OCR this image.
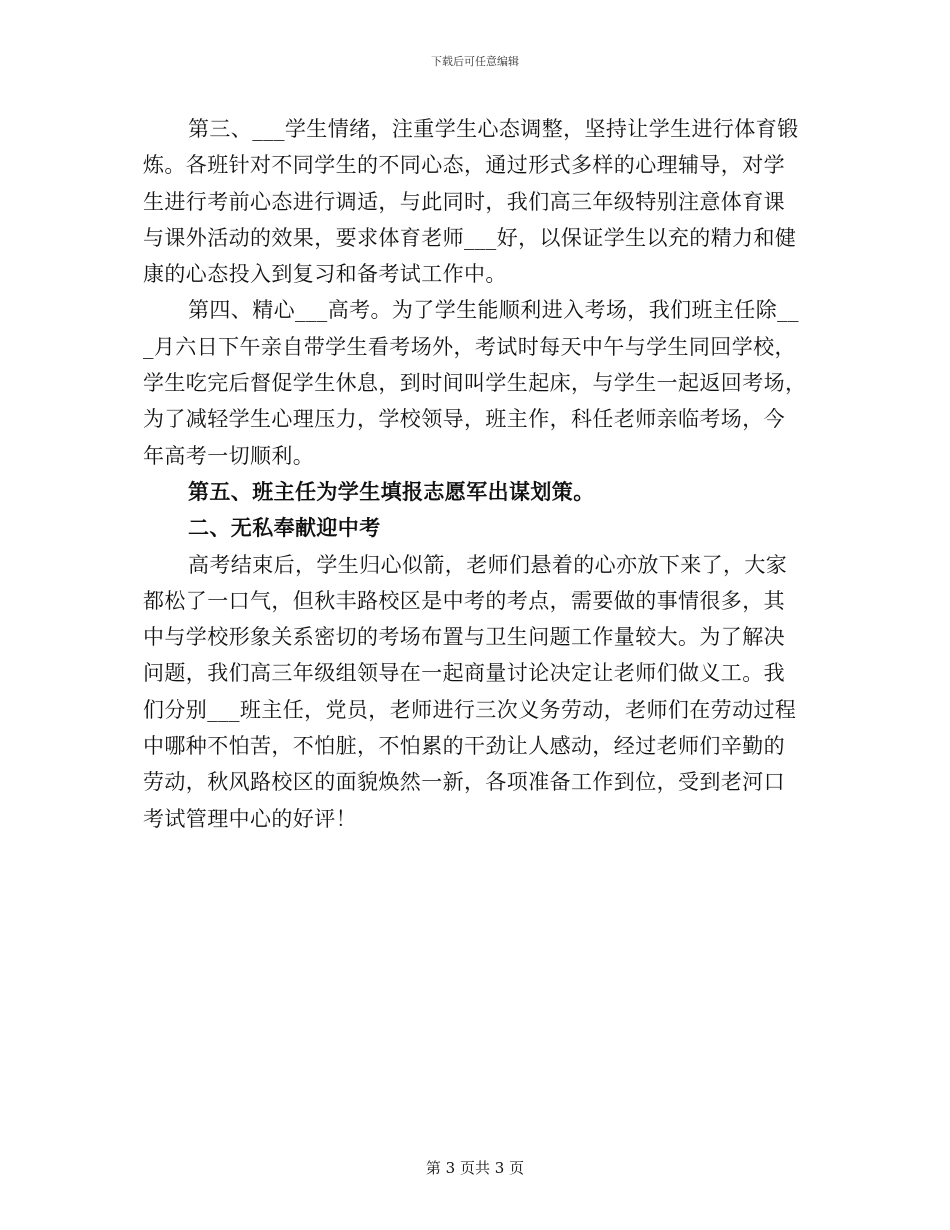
下载后可任意编辑
第三、___学生情绪，注重学生心态调整，坚持让学生进行体育锻
炼。各班针对不同学生的不同心态，通过形式多样的心理辅导，对学
生进行考前心态进行调适，与此同时，我们高三年级特别注意体育课
与课外活动的效果，要求体育老师___好，以保证学生以充的精力和健
康的心态投入到复习和备考试工作中。
第四、精心___高考。为了学生能顺利进入考场，我们班主任除__
_月六日下午亲自带学生看考场外，考试时每天中午与学生同回学校，
学生吃完后督促学生休息，到时间叫学生起床，与学生一起返回考场，
为了减轻学生心理压力，学校领导，班主作，科任老师亲临考场，今
年高考一切顺利。
第五、班主任为学生填报志愿军出谋划策。
二、无私奉献迎中考
高考结束后，学生归心似箭，老师们悬着的心亦放下来了，大家
都松了一口气，但秋丰路校区是中考的考点，需要做的事情很多，其
中与学校形象关系密切的考场布置与卫生问题工作量较大。为了解决
问题，我们高三年级组领导在一起商量讨论决定让老师们做义工。我
们分别___班主任，党员，老师进行三次义务劳动，老师们在劳动过程
中哪种不怕苦，不怕脏，不怕累的干劲让人感动，经过老师们辛勤的
劳动，秋风路校区的面貌焕然一新，各项准备工作到位，受到老河口
考试管理中心的好评！
第 3 页共 3 页
